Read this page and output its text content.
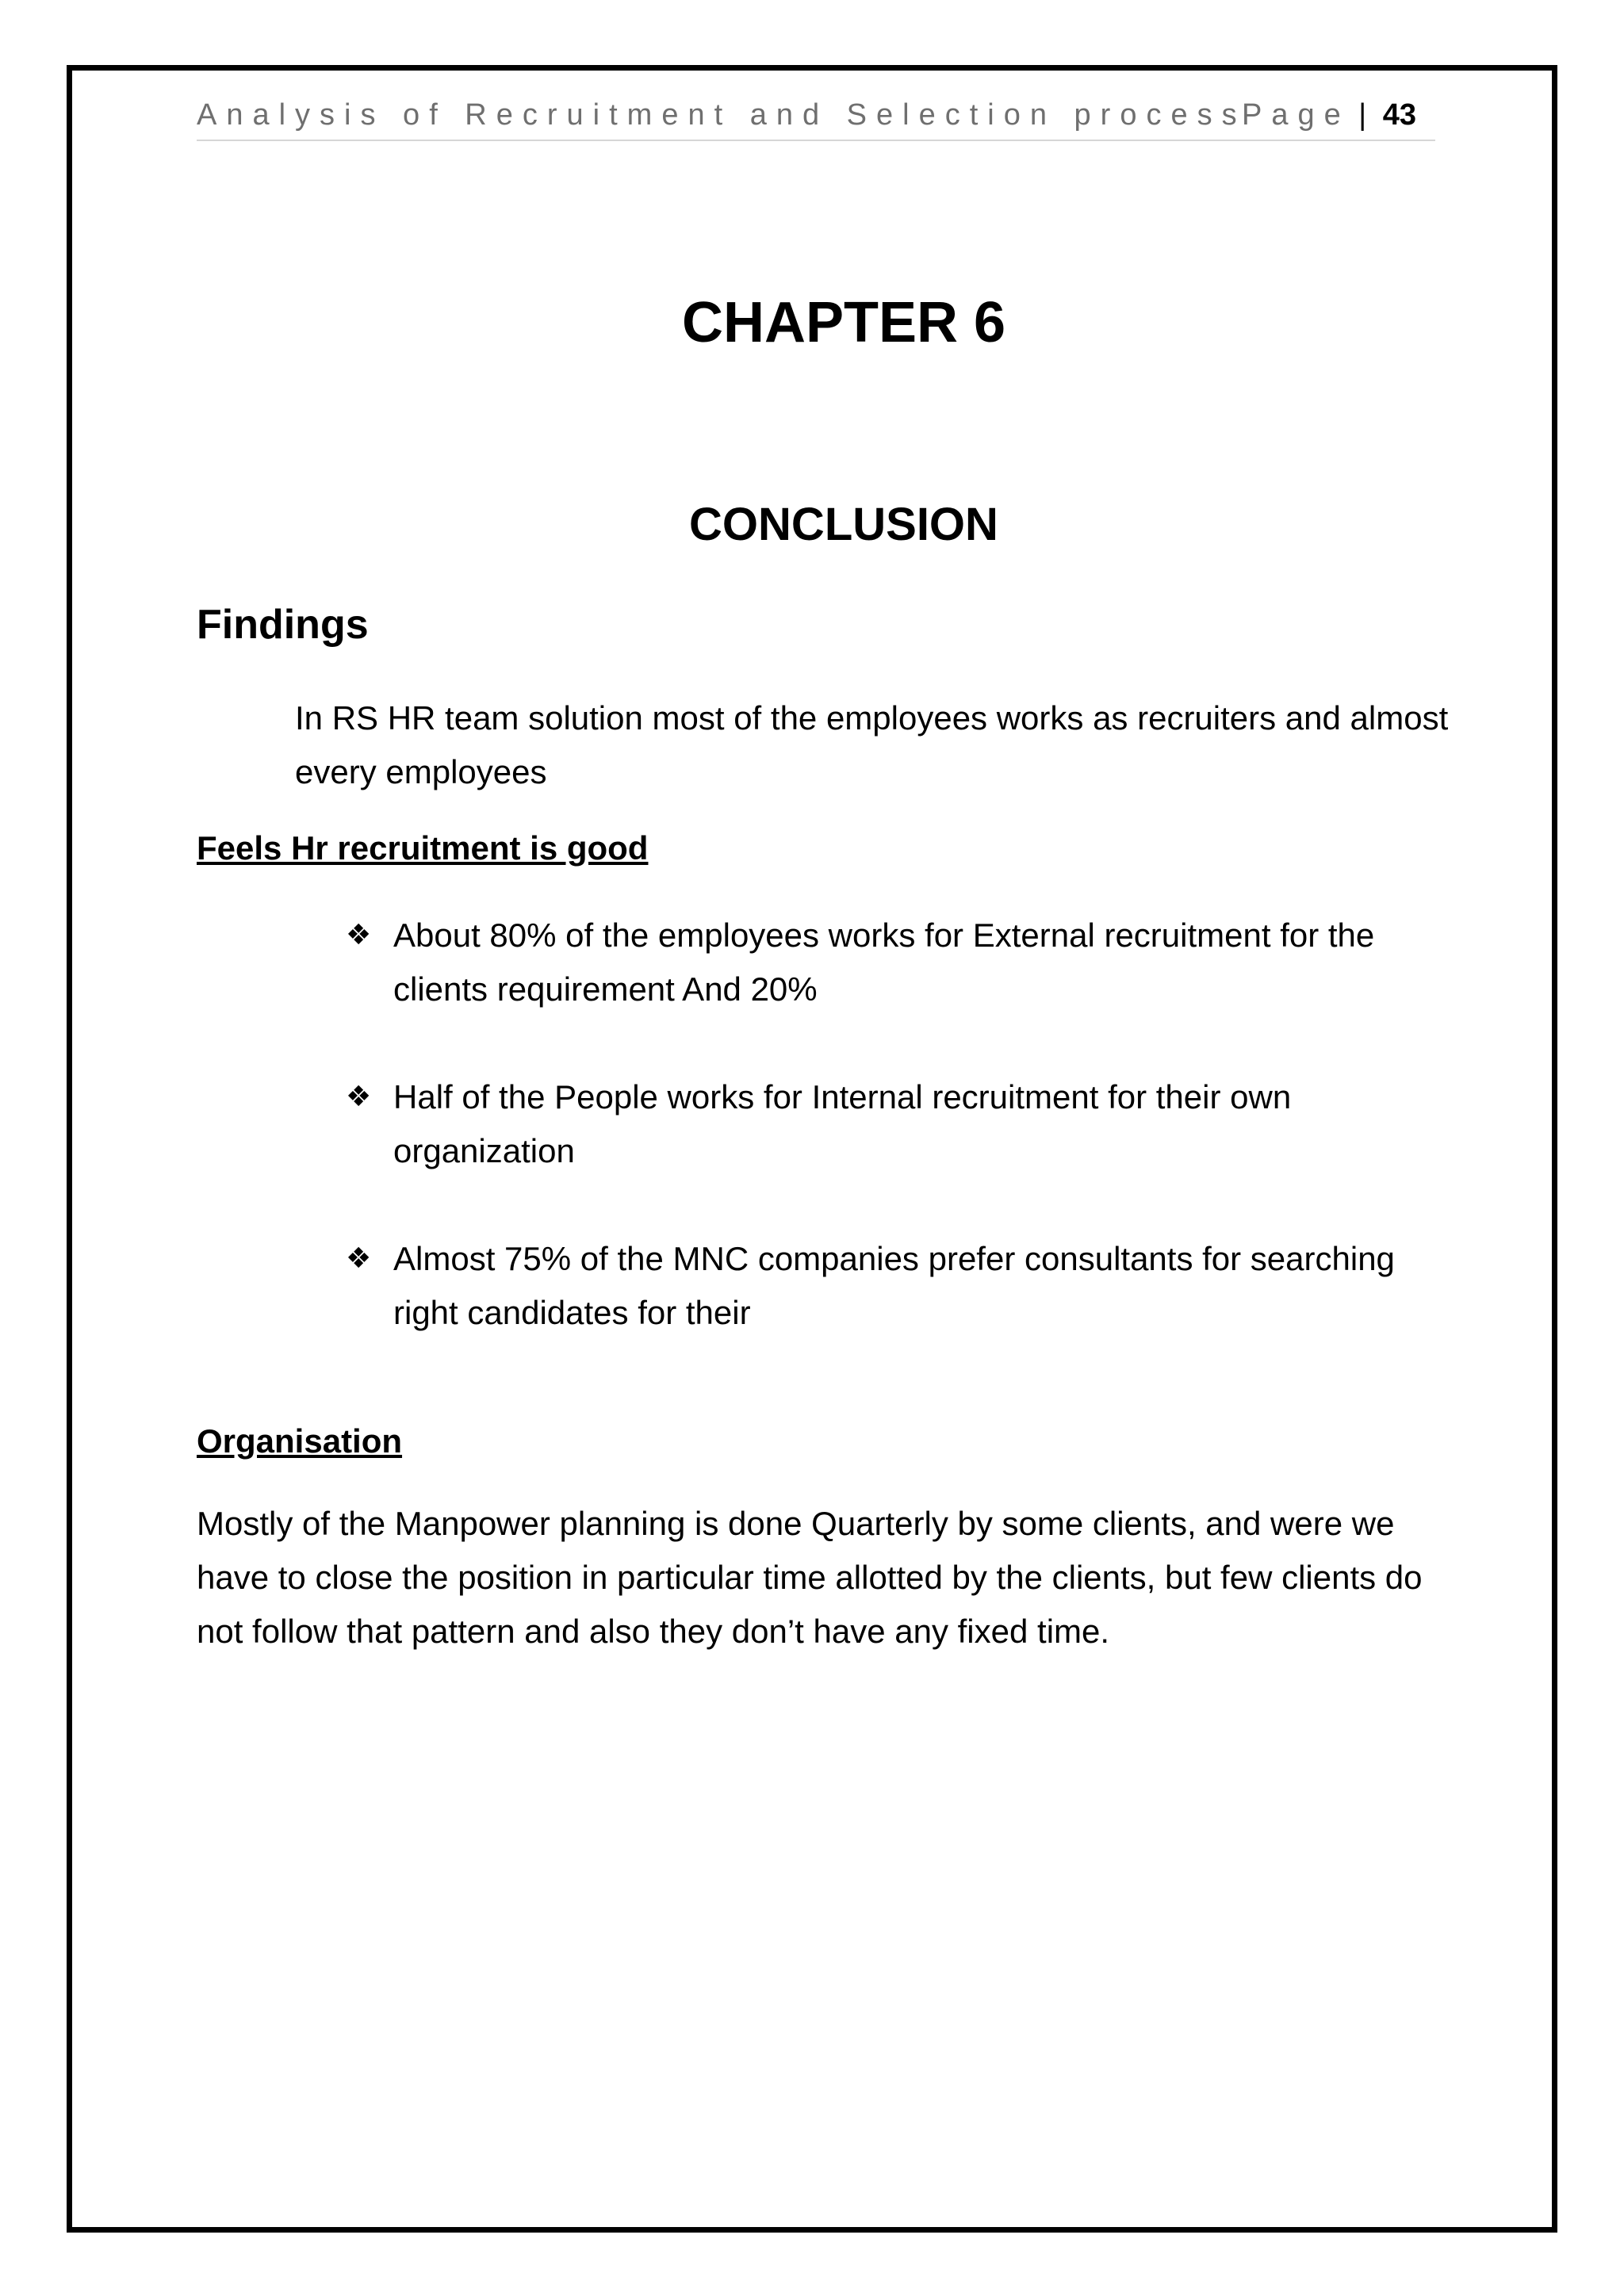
Analysis of Recruitment and Selection process
Page | 43
CHAPTER 6
CONCLUSION
Findings

In RS HR team solution most of the employees works as recruiters and almost every employees

Feels Hr recruitment is good

❖ About 80% of the employees works for External recruitment for the clients requirement And 20%
❖ Half of the People works for Internal recruitment for their own organization
❖ Almost 75% of the MNC companies prefer consultants for searching right candidates for their

Organisation

Mostly of the Manpower planning is done Quarterly by some clients, and were we have to close the position in particular time allotted by the clients, but few clients do not follow that pattern and also they don’t have any fixed time.
